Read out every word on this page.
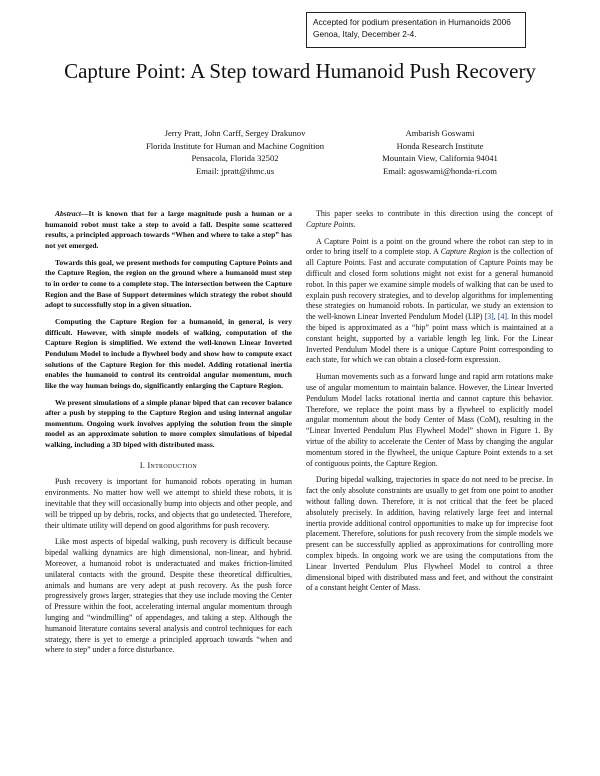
Accepted for podium presentation in Humanoids 2006
Genoa, Italy, December 2-4.
Capture Point: A Step toward Humanoid Push Recovery
Jerry Pratt, John Carff, Sergey Drakunov
Florida Institute for Human and Machine Cognition
Pensacola, Florida 32502
Email: jpratt@ihmc.us
Ambarish Goswami
Honda Research Institute
Mountain View, California 94041
Email: agoswami@honda-ri.com

Abstract—It is known that for a large magnitude push a human or a humanoid robot must take a step to avoid a fall. Despite some scattered results, a principled approach towards “When and where to take a step” has not yet emerged.

Towards this goal, we present methods for computing Capture Points and the Capture Region, the region on the ground where a humanoid must step to in order to come to a complete stop. The intersection between the Capture Region and the Base of Support determines which strategy the robot should adopt to successfully stop in a given situation.

Computing the Capture Region for a humanoid, in general, is very difficult. However, with simple models of walking, computation of the Capture Region is simplified. We extend the well-known Linear Inverted Pendulum Model to include a flywheel body and show how to compute exact solutions of the Capture Region for this model. Adding rotational inertia enables the humanoid to control its centroidal angular momentum, much like the way human beings do, significantly enlarging the Capture Region.

We present simulations of a simple planar biped that can recover balance after a push by stepping to the Capture Region and using internal angular momentum. Ongoing work involves applying the solution from the simple model as an approximate solution to more complex simulations of bipedal walking, including a 3D biped with distributed mass.

I. Introduction

Push recovery is important for humanoid robots operating in human environments. No matter how well we attempt to shield these robots, it is inevitable that they will occasionally bump into objects and other people, and will be tripped up by debris, rocks, and objects that go undetected. Therefore, their ultimate utility will depend on good algorithms for push recovery.

Like most aspects of bipedal walking, push recovery is difficult because bipedal walking dynamics are high dimensional, non-linear, and hybrid. Moreover, a humanoid robot is underactuated and makes friction-limited unilateral contacts with the ground. Despite these theoretical difficulties, animals and humans are very adept at push recovery. As the push force progressively grows larger, strategies that they use include moving the Center of Pressure within the foot, accelerating internal angular momentum through lunging and “windmilling” of appendages, and taking a step. Although the humanoid literature contains several analysis and control techniques for each strategy, there is yet to emerge a principled approach towards “when and where to step” under a force disturbance.

This paper seeks to contribute in this direction using the concept of Capture Points.

A Capture Point is a point on the ground where the robot can step to in order to bring itself to a complete stop. A Capture Region is the collection of all Capture Points. Fast and accurate computation of Capture Points may be difficult and closed form solutions might not exist for a general humanoid robot. In this paper we examine simple models of walking that can be used to explain push recovery strategies, and to develop algorithms for implementing these strategies on humanoid robots. In particular, we study an extension to the well-known Linear Inverted Pendulum Model (LIP) [3], [4]. In this model the biped is approximated as a “hip” point mass which is maintained at a constant height, supported by a variable length leg link. For the Linear Inverted Pendulum Model there is a unique Capture Point corresponding to each state, for which we can obtain a closed-form expression.

Human movements such as a forward lunge and rapid arm rotations make use of angular momentum to maintain balance. However, the Linear Inverted Pendulum Model lacks rotational inertia and cannot capture this behavior. Therefore, we replace the point mass by a flywheel to explicitly model angular momentum about the body Center of Mass (CoM), resulting in the “Linear Inverted Pendulum Plus Flywheel Model” shown in Figure 1. By virtue of the ability to accelerate the Center of Mass by changing the angular momentum stored in the flywheel, the unique Capture Point extends to a set of contiguous points, the Capture Region.

During bipedal walking, trajectories in space do not need to be precise. In fact the only absolute constraints are usually to get from one point to another without falling down. Therefore, it is not critical that the feet be placed absolutely precisely. In addition, having relatively large feet and internal inertia provide additional control opportunities to make up for imprecise foot placement. Therefore, solutions for push recovery from the simple models we present can be successfully applied as approximations for controlling more complex bipeds. In ongoing work we are using the computations from the Linear Inverted Pendulum Plus Flywheel Model to control a three dimensional biped with distributed mass and feet, and without the constraint of a constant height Center of Mass.
